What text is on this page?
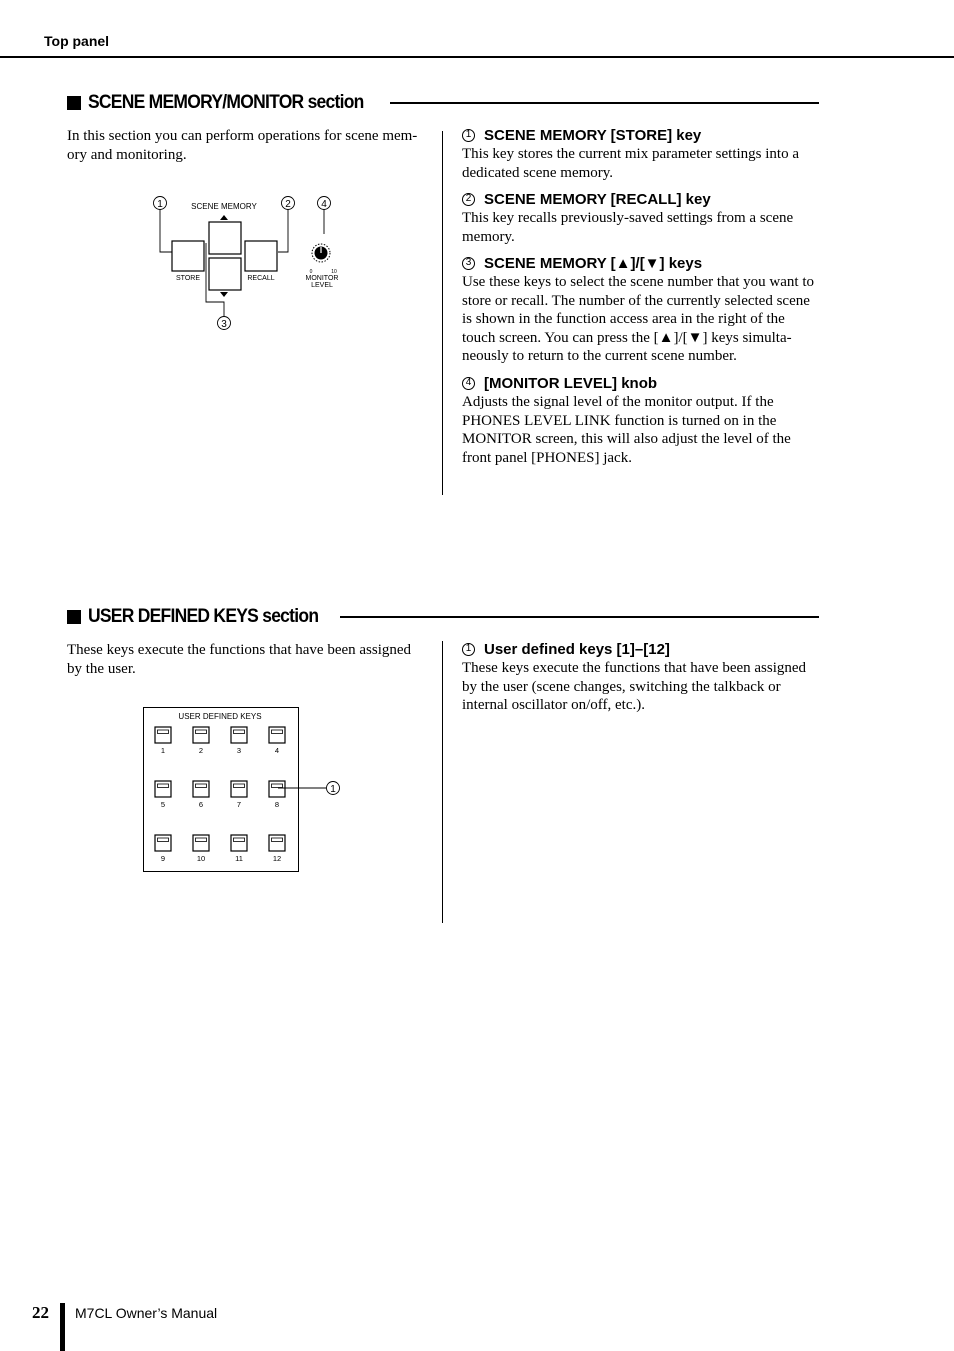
Top panel
SCENE MEMORY/MONITOR section
In this section you can perform operations for scene mem-ory and monitoring.
1	2	4
SCENE MEMORY
STORE	RECALL
3
0	10
MONITOR
LEVEL
1 SCENE MEMORY [STORE] key
This key stores the current mix parameter settings into a dedicated scene memory.
2 SCENE MEMORY [RECALL] key
This key recalls previously-saved settings from a scene memory.
3 SCENE MEMORY [▲]/[▼] keys
Use these keys to select the scene number that you want to store or recall. The number of the currently selected scene is shown in the function access area in the right of the touch screen. You can press the [▲]/[▼] keys simulta-neously to return to the current scene number.
4 [MONITOR LEVEL] knob
Adjusts the signal level of the monitor output. If the PHONES LEVEL LINK function is turned on in the MONITOR screen, this will also adjust the level of the front panel [PHONES] jack.
USER DEFINED KEYS section
These keys execute the functions that have been assigned by the user.
USER DEFINED KEYS
1	2	3	4
5	6	7	8
9	10	11	12
1
1 User defined keys [1]–[12]
These keys execute the functions that have been assigned by the user (scene changes, switching the talkback or internal oscillator on/off, etc.).
22 M7CL Owner’s Manual
